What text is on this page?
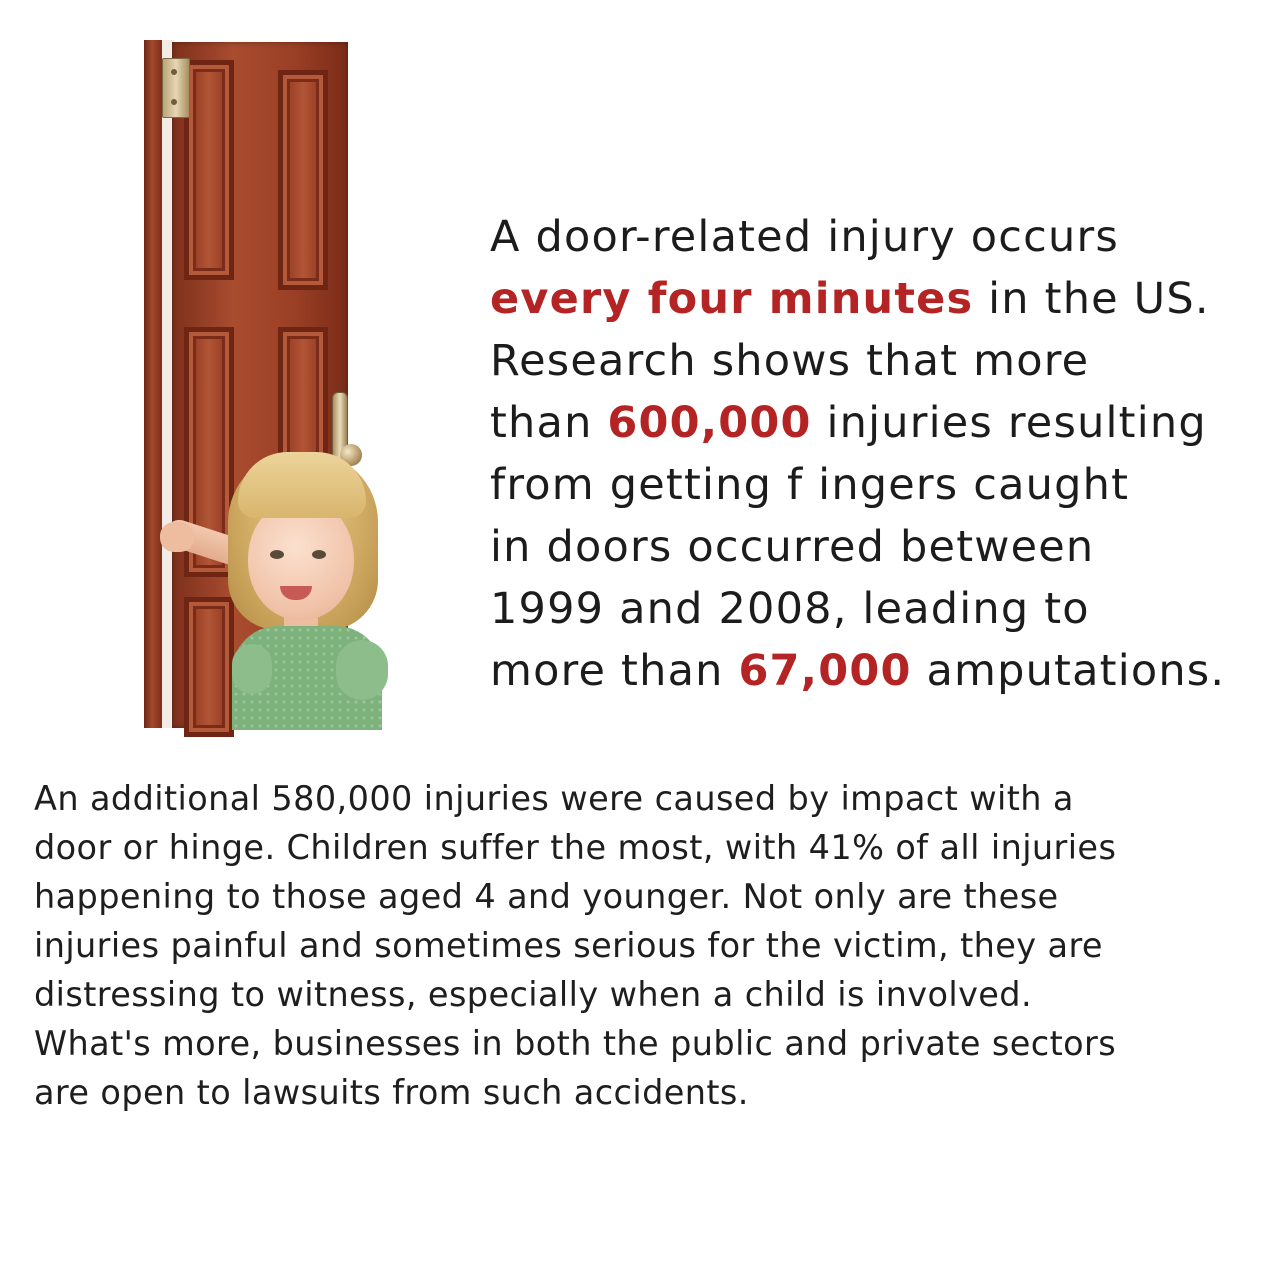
A door-related injury occurs
every four minutes in the US.
Research shows that more
than 600,000 injuries resulting
from getting f ingers caught
in doors occurred between
1999 and 2008, leading to
more than 67,000 amputations.

An additional 580,000 injuries were caused by impact with a
door or hinge. Children suffer the most, with 41% of all injuries
happening to those aged 4 and younger. Not only are these
injuries painful and sometimes serious for the victim, they are
distressing to witness, especially when a child is involved.
What's more, businesses in both the public and private sectors
are open to lawsuits from such accidents.
